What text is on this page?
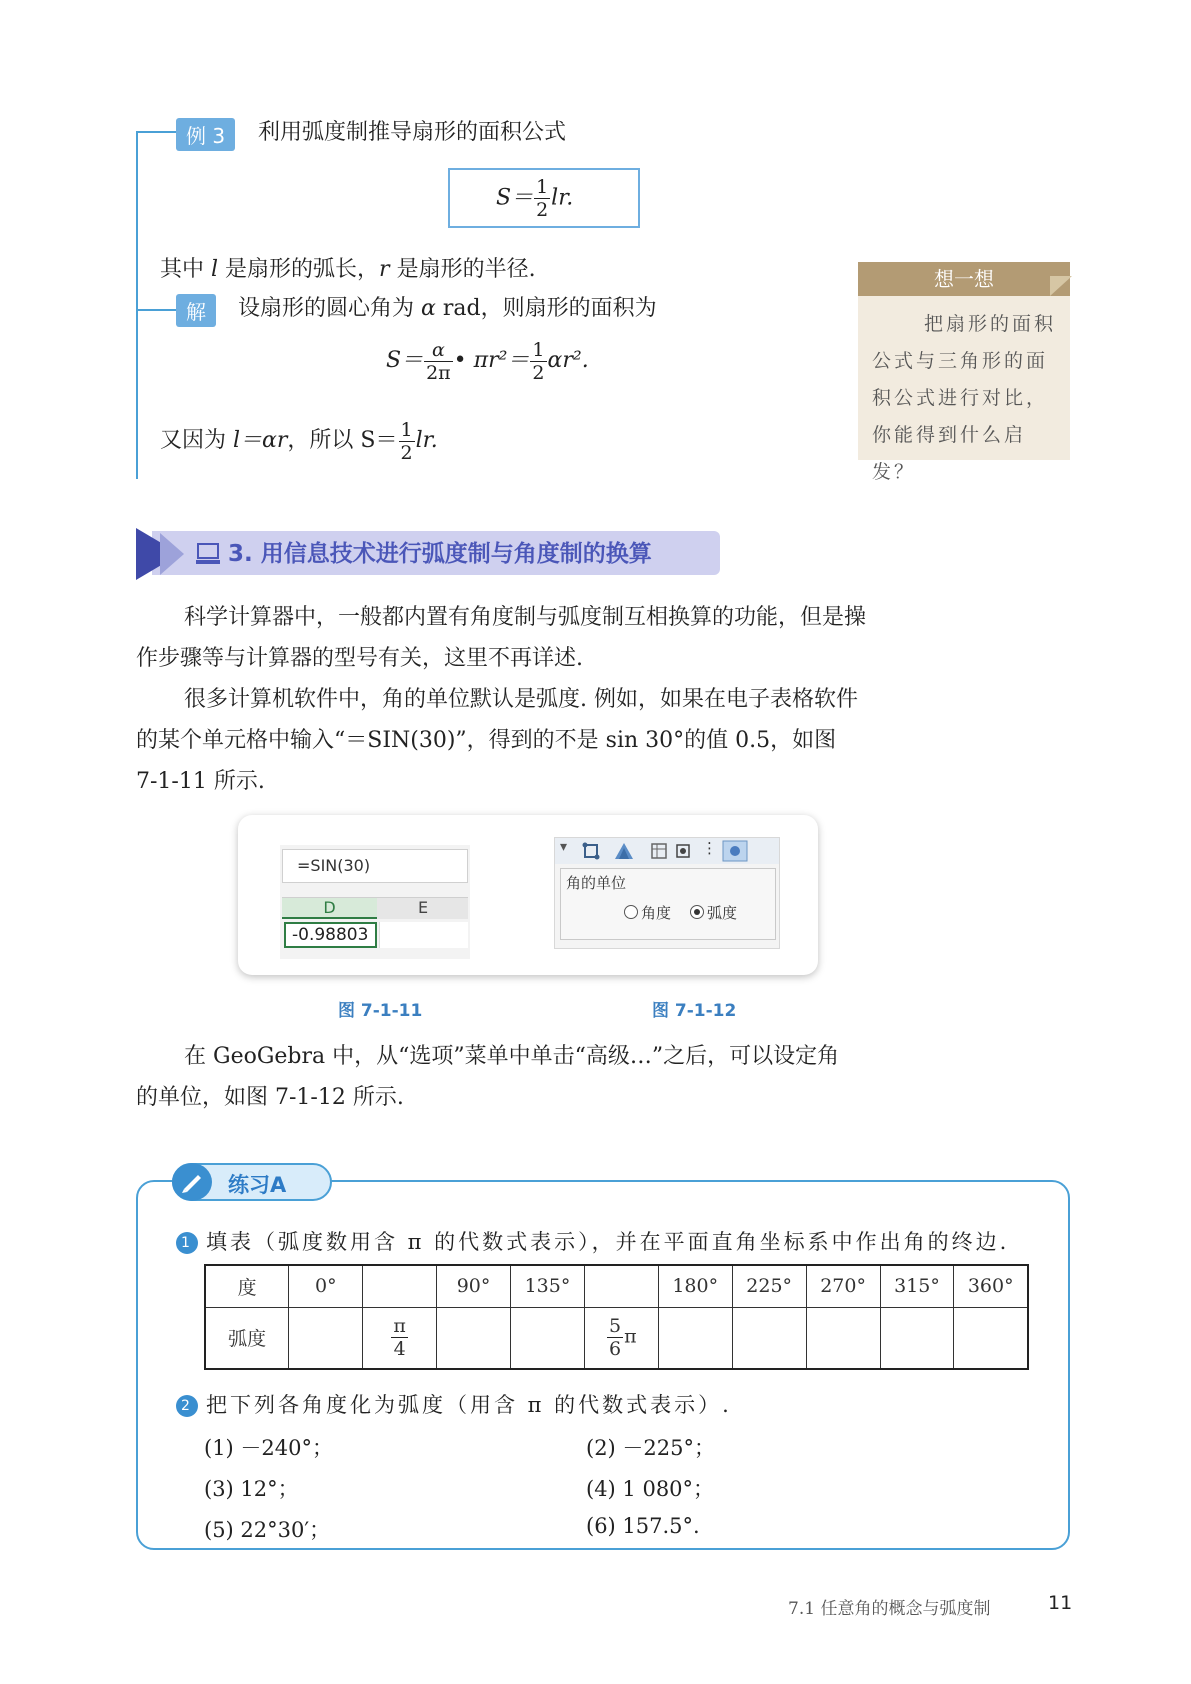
例 3	利用弧度制推导扇形的面积公式
$S= \frac{1}{2}$ lr.
其中 l 是扇形的弧长，r 是扇形的半径.
解	设扇形的圆心角为 α rad，则扇形的面积为
$S= \frac{\alpha}{2\pi}$ • $\pi r^2= \frac{1}{2} \alpha r^2$.
又因为 l＝αr，所以 $S= \frac{1}{2}$ lr.
想一想
把扇形的面积
公式与三角形的面
积公式进行对比，
你能得到什么启发？
3. 用信息技术进行弧度制与角度制的换算
科学计算器中，一般都内置有角度制与弧度制互相换算的功能，但是操
作步骤等与计算器的型号有关，这里不再详述.
很多计算机软件中，角的单位默认是弧度. 例如，如果在电子表格软件
的某个单元格中输入“＝SIN(30)”，得到的不是 sin 30°的值 0.5，如图
7-1-11 所示.
=SIN(30)
D	E
-0.98803
▾	⋮
角的单位
角度 弧度
图 7-1-11	图 7-1-12
在 GeoGebra 中，从“选项”菜单中单击“高级…”之后，可以设定角
的单位，如图 7-1-12 所示.
练习A
1 填表（弧度数用含 π 的代数式表示），并在平面直角坐标系中作出角的终边.
度	0°		90°	135°		180°	225°	270°	315°	360°
弧度		$\frac{\pi}{4}$			$\frac{5}{6}$ π					
2 把下列各角度化为弧度（用含 π 的代数式表示）.
(1) －240°；	(2) －225°；
(3) 12°；	(4) 1 080°；
(5) 22°30′；	(6) 157.5°.
7.1 任意角的概念与弧度制	11
